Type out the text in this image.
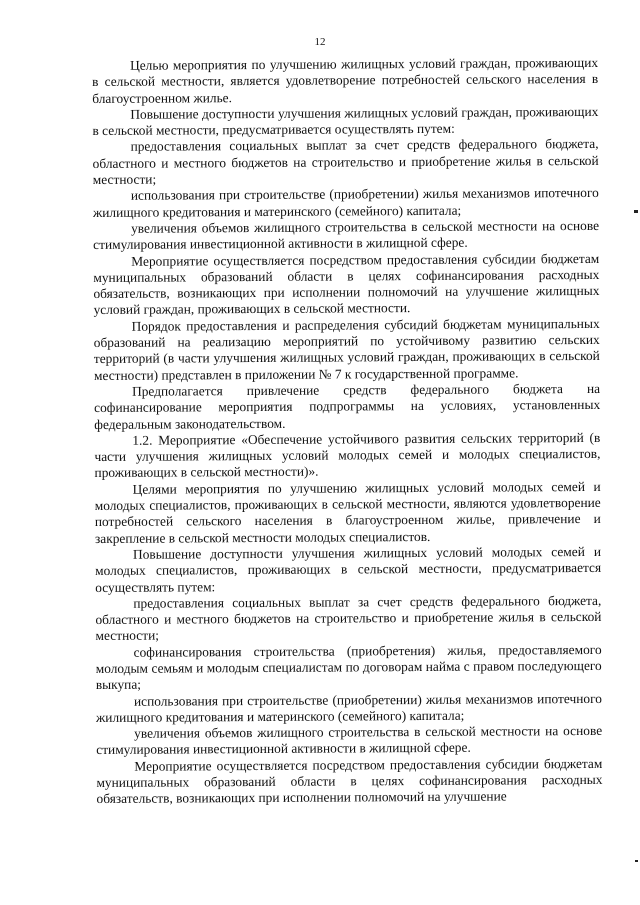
12

Целью мероприятия по улучшению жилищных условий граждан, проживающих в сельской местности, является удовлетворение потребностей сельского населения в благоустроенном жилье.

Повышение доступности улучшения жилищных условий граждан, проживающих в сельской местности, предусматривается осуществлять путем:

предоставления социальных выплат за счет средств федерального бюджета, областного и местного бюджетов на строительство и приобретение жилья в сельской местности;

использования при строительстве (приобретении) жилья механизмов ипотечного жилищного кредитования и материнского (семейного) капитала;

увеличения объемов жилищного строительства в сельской местности на основе стимулирования инвестиционной активности в жилищной сфере.

Мероприятие осуществляется посредством предоставления субсидии бюджетам муниципальных образований области в целях софинансирования расходных обязательств, возникающих при исполнении полномочий на улучшение жилищных условий граждан, проживающих в сельской местности.

Порядок предоставления и распределения субсидий бюджетам муниципальных образований на реализацию мероприятий по устойчивому развитию сельских территорий (в части улучшения жилищных условий граждан, проживающих в сельской местности) представлен в приложении № 7 к государственной программе.

Предполагается привлечение средств федерального бюджета на софинансирование мероприятия подпрограммы на условиях, установленных федеральным законодательством.

1.2. Мероприятие «Обеспечение устойчивого развития сельских территорий (в части улучшения жилищных условий молодых семей и молодых специалистов, проживающих в сельской местности)».

Целями мероприятия по улучшению жилищных условий молодых семей и молодых специалистов, проживающих в сельской местности, являются удовлетворение потребностей сельского населения в благоустроенном жилье, привлечение и закрепление в сельской местности молодых специалистов.

Повышение доступности улучшения жилищных условий молодых семей и молодых специалистов, проживающих в сельской местности, предусматривается осуществлять путем:

предоставления социальных выплат за счет средств федерального бюджета, областного и местного бюджетов на строительство и приобретение жилья в сельской местности;

софинансирования строительства (приобретения) жилья, предоставляемого молодым семьям и молодым специалистам по договорам найма с правом последующего выкупа;

использования при строительстве (приобретении) жилья механизмов ипотечного жилищного кредитования и материнского (семейного) капитала;

увеличения объемов жилищного строительства в сельской местности на основе стимулирования инвестиционной активности в жилищной сфере.

Мероприятие осуществляется посредством предоставления субсидии бюджетам муниципальных образований области в целях софинансирования расходных обязательств, возникающих при исполнении полномочий на улучшение
